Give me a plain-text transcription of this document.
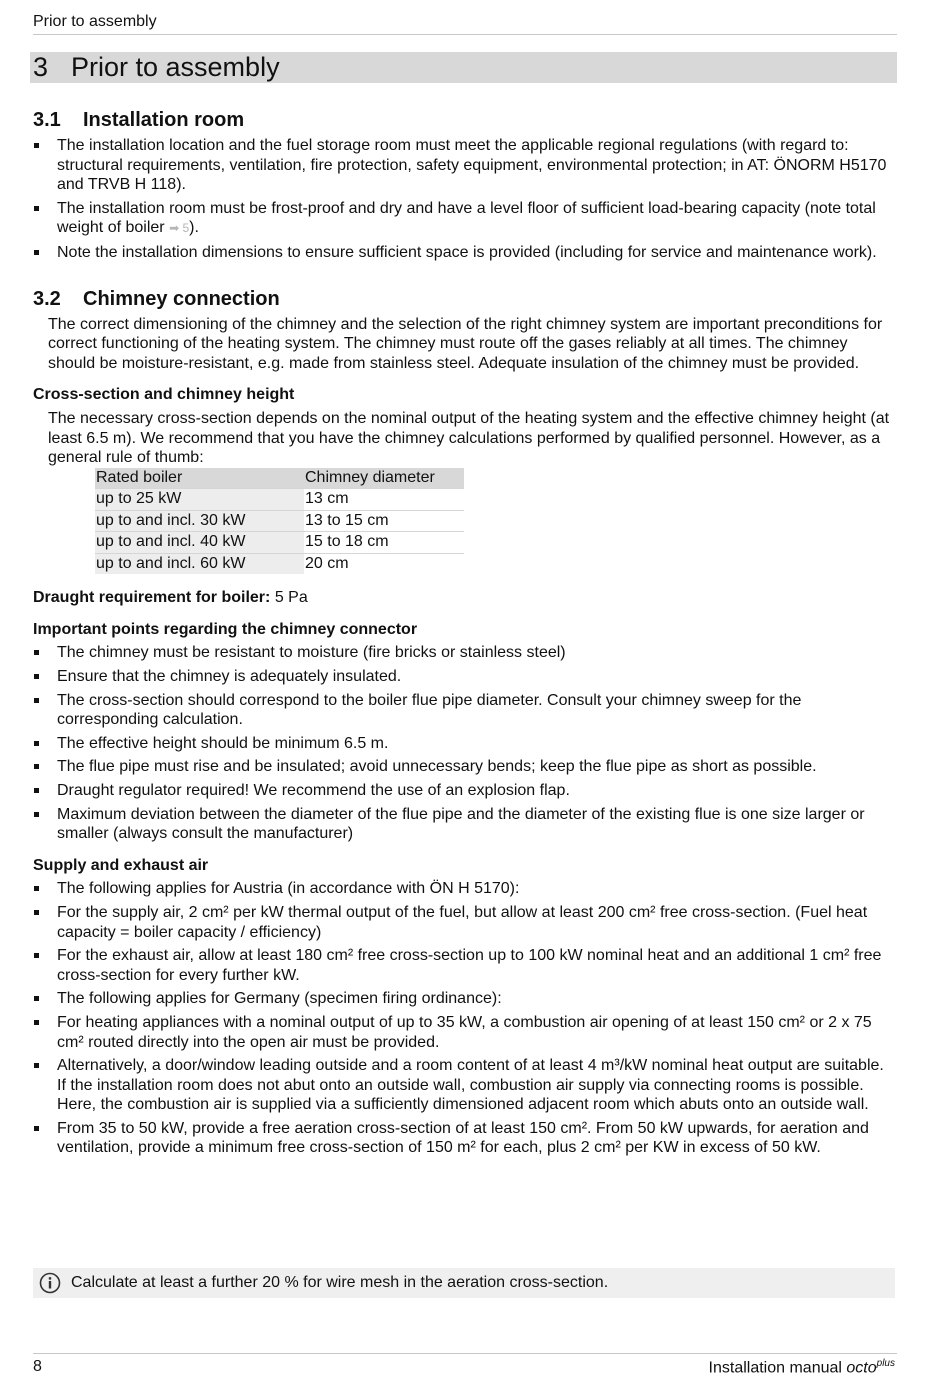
Prior to assembly
3 Prior to assembly
3.1 Installation room
The installation location and the fuel storage room must meet the applicable regional regulations (with regard to: structural requirements, ventilation, fire protection, safety equipment, environmental protection; in AT: ÖNORM H5170 and TRVB H 118).
The installation room must be frost-proof and dry and have a level floor of sufficient load-bearing capacity (note total weight of boiler ➡ 5).
Note the installation dimensions to ensure sufficient space is provided (including for service and maintenance work).
3.2 Chimney connection

The correct dimensioning of the chimney and the selection of the right chimney system are important preconditions for correct functioning of the heating system. The chimney must route off the gases reliably at all times. The chimney should be moisture-resistant, e.g. made from stainless steel. Adequate insulation of the chimney must be provided.

Cross-section and chimney height

The necessary cross-section depends on the nominal output of the heating system and the effective chimney height (at least 6.5 m). We recommend that you have the chimney calculations performed by qualified personnel. However, as a general rule of thumb:

Rated boiler	Chimney diameter
up to 25 kW	13 cm
up to and incl. 30 kW	13 to 15 cm
up to and incl. 40 kW	15 to 18 cm
up to and incl. 60 kW	20 cm

Draught requirement for boiler: 5 Pa

Important points regarding the chimney connector
The chimney must be resistant to moisture (fire bricks or stainless steel)
Ensure that the chimney is adequately insulated.
The cross-section should correspond to the boiler flue pipe diameter. Consult your chimney sweep for the corresponding calculation.
The effective height should be minimum 6.5 m.
The flue pipe must rise and be insulated; avoid unnecessary bends; keep the flue pipe as short as possible.
Draught regulator required! We recommend the use of an explosion flap.
Maximum deviation between the diameter of the flue pipe and the diameter of the existing flue is one size larger or smaller (always consult the manufacturer)
Supply and exhaust air
The following applies for Austria (in accordance with ÖN H 5170):
For the supply air, 2 cm² per kW thermal output of the fuel, but allow at least 200 cm² free cross-section. (Fuel heat capacity = boiler capacity / efficiency)
For the exhaust air, allow at least 180 cm² free cross-section up to 100 kW nominal heat and an additional 1 cm² free cross-section for every further kW.
The following applies for Germany (specimen firing ordinance):
For heating appliances with a nominal output of up to 35 kW, a combustion air opening of at least 150 cm² or 2 x 75 cm² routed directly into the open air must be provided.
Alternatively, a door/window leading outside and a room content of at least 4 m³/kW nominal heat output are suitable. If the installation room does not abut onto an outside wall, combustion air supply via connecting rooms is possible. Here, the combustion air is supplied via a sufficiently dimensioned adjacent room which abuts onto an outside wall.
From 35 to 50 kW, provide a free aeration cross-section of at least 150 cm². From 50 kW upwards, for aeration and ventilation, provide a minimum free cross-section of 150 m² for each, plus 2 cm² per KW in excess of 50 kW.
Calculate at least a further 20 % for wire mesh in the aeration cross-section.
8	Installation manual octo$^{plus}$
